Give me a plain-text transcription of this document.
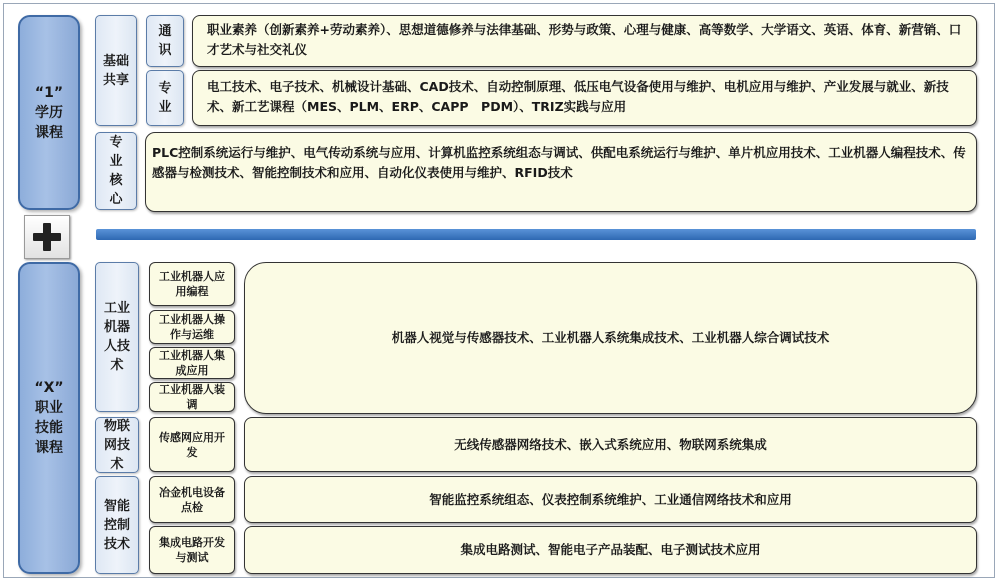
“1”
学历
课程
“X”
职业
技能
课程
基础
共享
专
业
核
心
通
识
专
业
职业素养（创新素养+劳动素养）、思想道德修养与法律基础、形势与政策、心理与健康、高等数学、大学语文、英语、体育、新营销、口才艺术与社交礼仪
电工技术、电子技术、机械设计基础、CAD技术、自动控制原理、低压电气设备使用与维护、电机应用与维护、产业发展与就业、新技术、新工艺课程（MES、PLM、ERP、CAPP　PDM）、TRIZ实践与应用
PLC控制系统运行与维护、电气传动系统与应用、计算机监控系统组态与调试、供配电系统运行与维护、单片机应用技术、工业机器人编程技术、传感器与检测技术、智能控制技术和应用、自动化仪表使用与维护、RFID技术
工业
机器
人技
术
物联
网技
术
智能
控制
技术
工业机器人应用编程
工业机器人操作与运维
工业机器人集成应用
工业机器人装调
传感网应用开发
冶金机电设备点检
集成电路开发与测试
机器人视觉与传感器技术、工业机器人系统集成技术、工业机器人综合调试技术
无线传感器网络技术、嵌入式系统应用、物联网系统集成
智能监控系统组态、仪表控制系统维护、工业通信网络技术和应用
集成电路测试、智能电子产品装配、电子测试技术应用
